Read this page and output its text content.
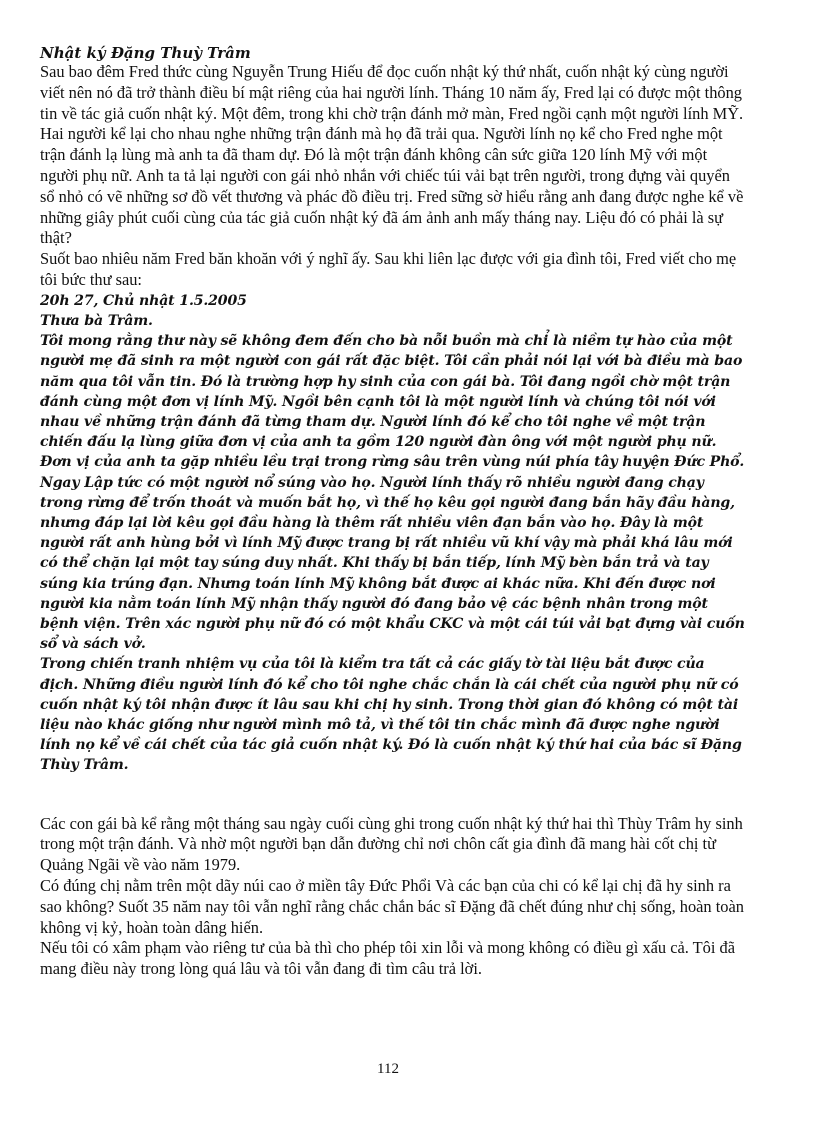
Nhật ký Đặng Thuỳ Trâm

Sau bao đêm Fred thức cùng Nguyễn Trung Hiếu để đọc cuốn nhật ký thứ nhất, cuốn nhật ký cùng người viết nên nó đã trở thành điều bí mật riêng của hai người lính. Tháng 10 năm ấy, Fred lại có được một thông tin về tác giả cuốn nhật ký. Một đêm, trong khi chờ trận đánh mở màn, Fred ngồi cạnh một người lính MỸ. Hai người kể lại cho nhau nghe những trận đánh mà họ đã trải qua. Người lính nọ kể cho Fred nghe một trận đánh lạ lùng mà anh ta đã tham dự. Đó là một trận đánh không cân sức giữa 120 lính Mỹ với một người phụ nữ. Anh ta tả lại người con gái nhỏ nhắn với chiếc túi vải bạt trên người, trong đựng vài quyển sổ nhỏ có vẽ những sơ đồ vết thương và phác đồ điều trị. Fred sững sờ hiểu rằng anh đang được nghe kể về những giây phút cuối cùng của tác giả cuốn nhật ký đã ám ảnh anh mấy tháng nay. Liệu đó có phải là sự thật?

Suốt bao nhiêu năm Fred băn khoăn với ý nghĩ ấy. Sau khi liên lạc được với gia đình tôi, Fred viết cho mẹ tôi bức thư sau:

20h 27, Chủ nhật 1.5.2005

Thưa bà Trâm.

Tôi mong rằng thư này sẽ không đem đến cho bà nỗi buồn mà chỉ là niềm tự hào của một người mẹ đã sinh ra một người con gái rất đặc biệt. Tôi cần phải nói lại với bà điều mà bao năm qua tôi vẫn tin. Đó là trường hợp hy sinh của con gái bà. Tôi đang ngồi chờ một trận đánh cùng một đơn vị lính Mỹ. Ngồi bên cạnh tôi là một người lính và chúng tôi nói với nhau về những trận đánh đã từng tham dự. Người lính đó kể cho tôi nghe về một trận chiến đấu lạ lùng giữa đơn vị của anh ta gồm 120 người đàn ông với một người phụ nữ. Đơn vị của anh ta gặp nhiều lều trại trong rừng sâu trên vùng núi phía tây huyện Đức Phổ. Ngay Lập tức có một người nổ súng vào họ. Người lính thấy rõ nhiều người đang chạy trong rừng để trốn thoát và muốn bắt họ, vì thế họ kêu gọi người đang bắn hãy đầu hàng, nhưng đáp lại lời kêu gọi đầu hàng là thêm rất nhiều viên đạn bắn vào họ. Đây là một người rất anh hùng bởi vì lính Mỹ được trang bị rất nhiều vũ khí vậy mà phải khá lâu mới có thể chặn lại một tay súng duy nhất. Khi thấy bị bắn tiếp, lính Mỹ bèn bắn trả và tay súng kia trúng đạn. Nhưng toán lính Mỹ không bắt được ai khác nữa. Khi đến được nơi người kia nằm toán lính Mỹ nhận thấy người đó đang bảo vệ các bệnh nhân trong một bệnh viện. Trên xác người phụ nữ đó có một khẩu CKC và một cái túi vải bạt đựng vài cuốn sổ và sách vở.

Trong chiến tranh nhiệm vụ của tôi là kiểm tra tất cả các giấy tờ tài liệu bắt được của địch. Những điều người lính đó kể cho tôi nghe chắc chắn là cái chết của người phụ nữ có cuốn nhật ký tôi nhận được ít lâu sau khi chị hy sinh. Trong thời gian đó không có một tài liệu nào khác giống như người mình mô tả, vì thế tôi tin chắc mình đã được nghe người lính nọ kể về cái chết của tác giả cuốn nhật ký. Đó là cuốn nhật ký thứ hai của bác sĩ Đặng Thùy Trâm.

Các con gái bà kể rằng một tháng sau ngày cuối cùng ghi trong cuốn nhật ký thứ hai thì Thùy Trâm hy sinh trong một trận đánh. Và nhờ một người bạn dẫn đường chỉ nơi chôn cất gia đình đã mang hài cốt chị từ Quảng Ngãi về vào năm 1979.

Có đúng chị nằm trên một dãy núi cao ở miền tây Đức Phổi Và các bạn của chi có kể lại chị đã hy sinh ra sao không? Suốt 35 năm nay tôi vẫn nghĩ rằng chắc chắn bác sĩ Đặng đã chết đúng như chị sống, hoàn toàn không vị kỷ, hoàn toàn dâng hiến.

Nếu tôi có xâm phạm vào riêng tư của bà thì cho phép tôi xin lỗi và mong không có điều gì xấu cả. Tôi đã mang điều này trong lòng quá lâu và tôi vẫn đang đi tìm câu trả lời.

112
